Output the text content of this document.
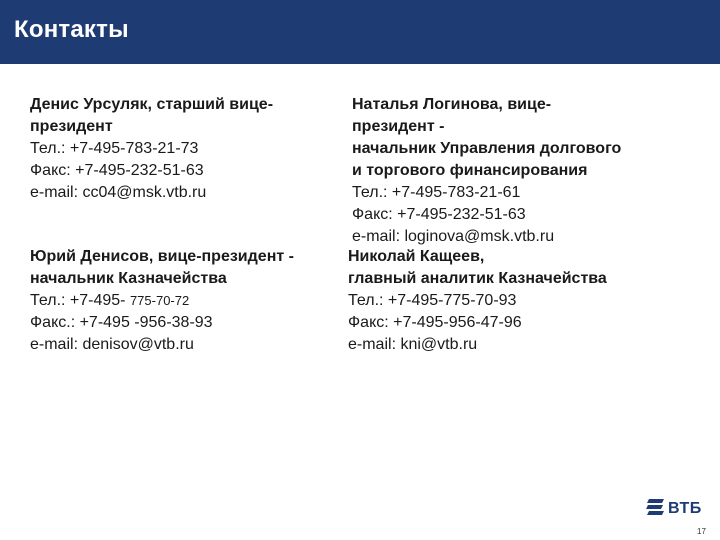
Контакты
Денис Урсуляк, старший вице-
президент
Тел.: +7-495-783-21-73
Факс: +7-495-232-51-63
e-mail: cc04@msk.vtb.ru
Наталья Логинова, вице-
президент -
начальник Управления долгового
и торгового финансирования
Тел.: +7-495-783-21-61
Факс: +7-495-232-51-63
e-mail: loginova@msk.vtb.ru
Юрий Денисов, вице-президент -
начальник Казначейства
Тел.: +7-495- 775-70-72
Факс.: +7-495 -956-38-93
e-mail: denisov@vtb.ru
Николай Кащеев,
главный аналитик Казначейства
Тел.: +7-495-775-70-93
Факс: +7-495-956-47-96
e-mail: kni@vtb.ru
ВТБ
17
